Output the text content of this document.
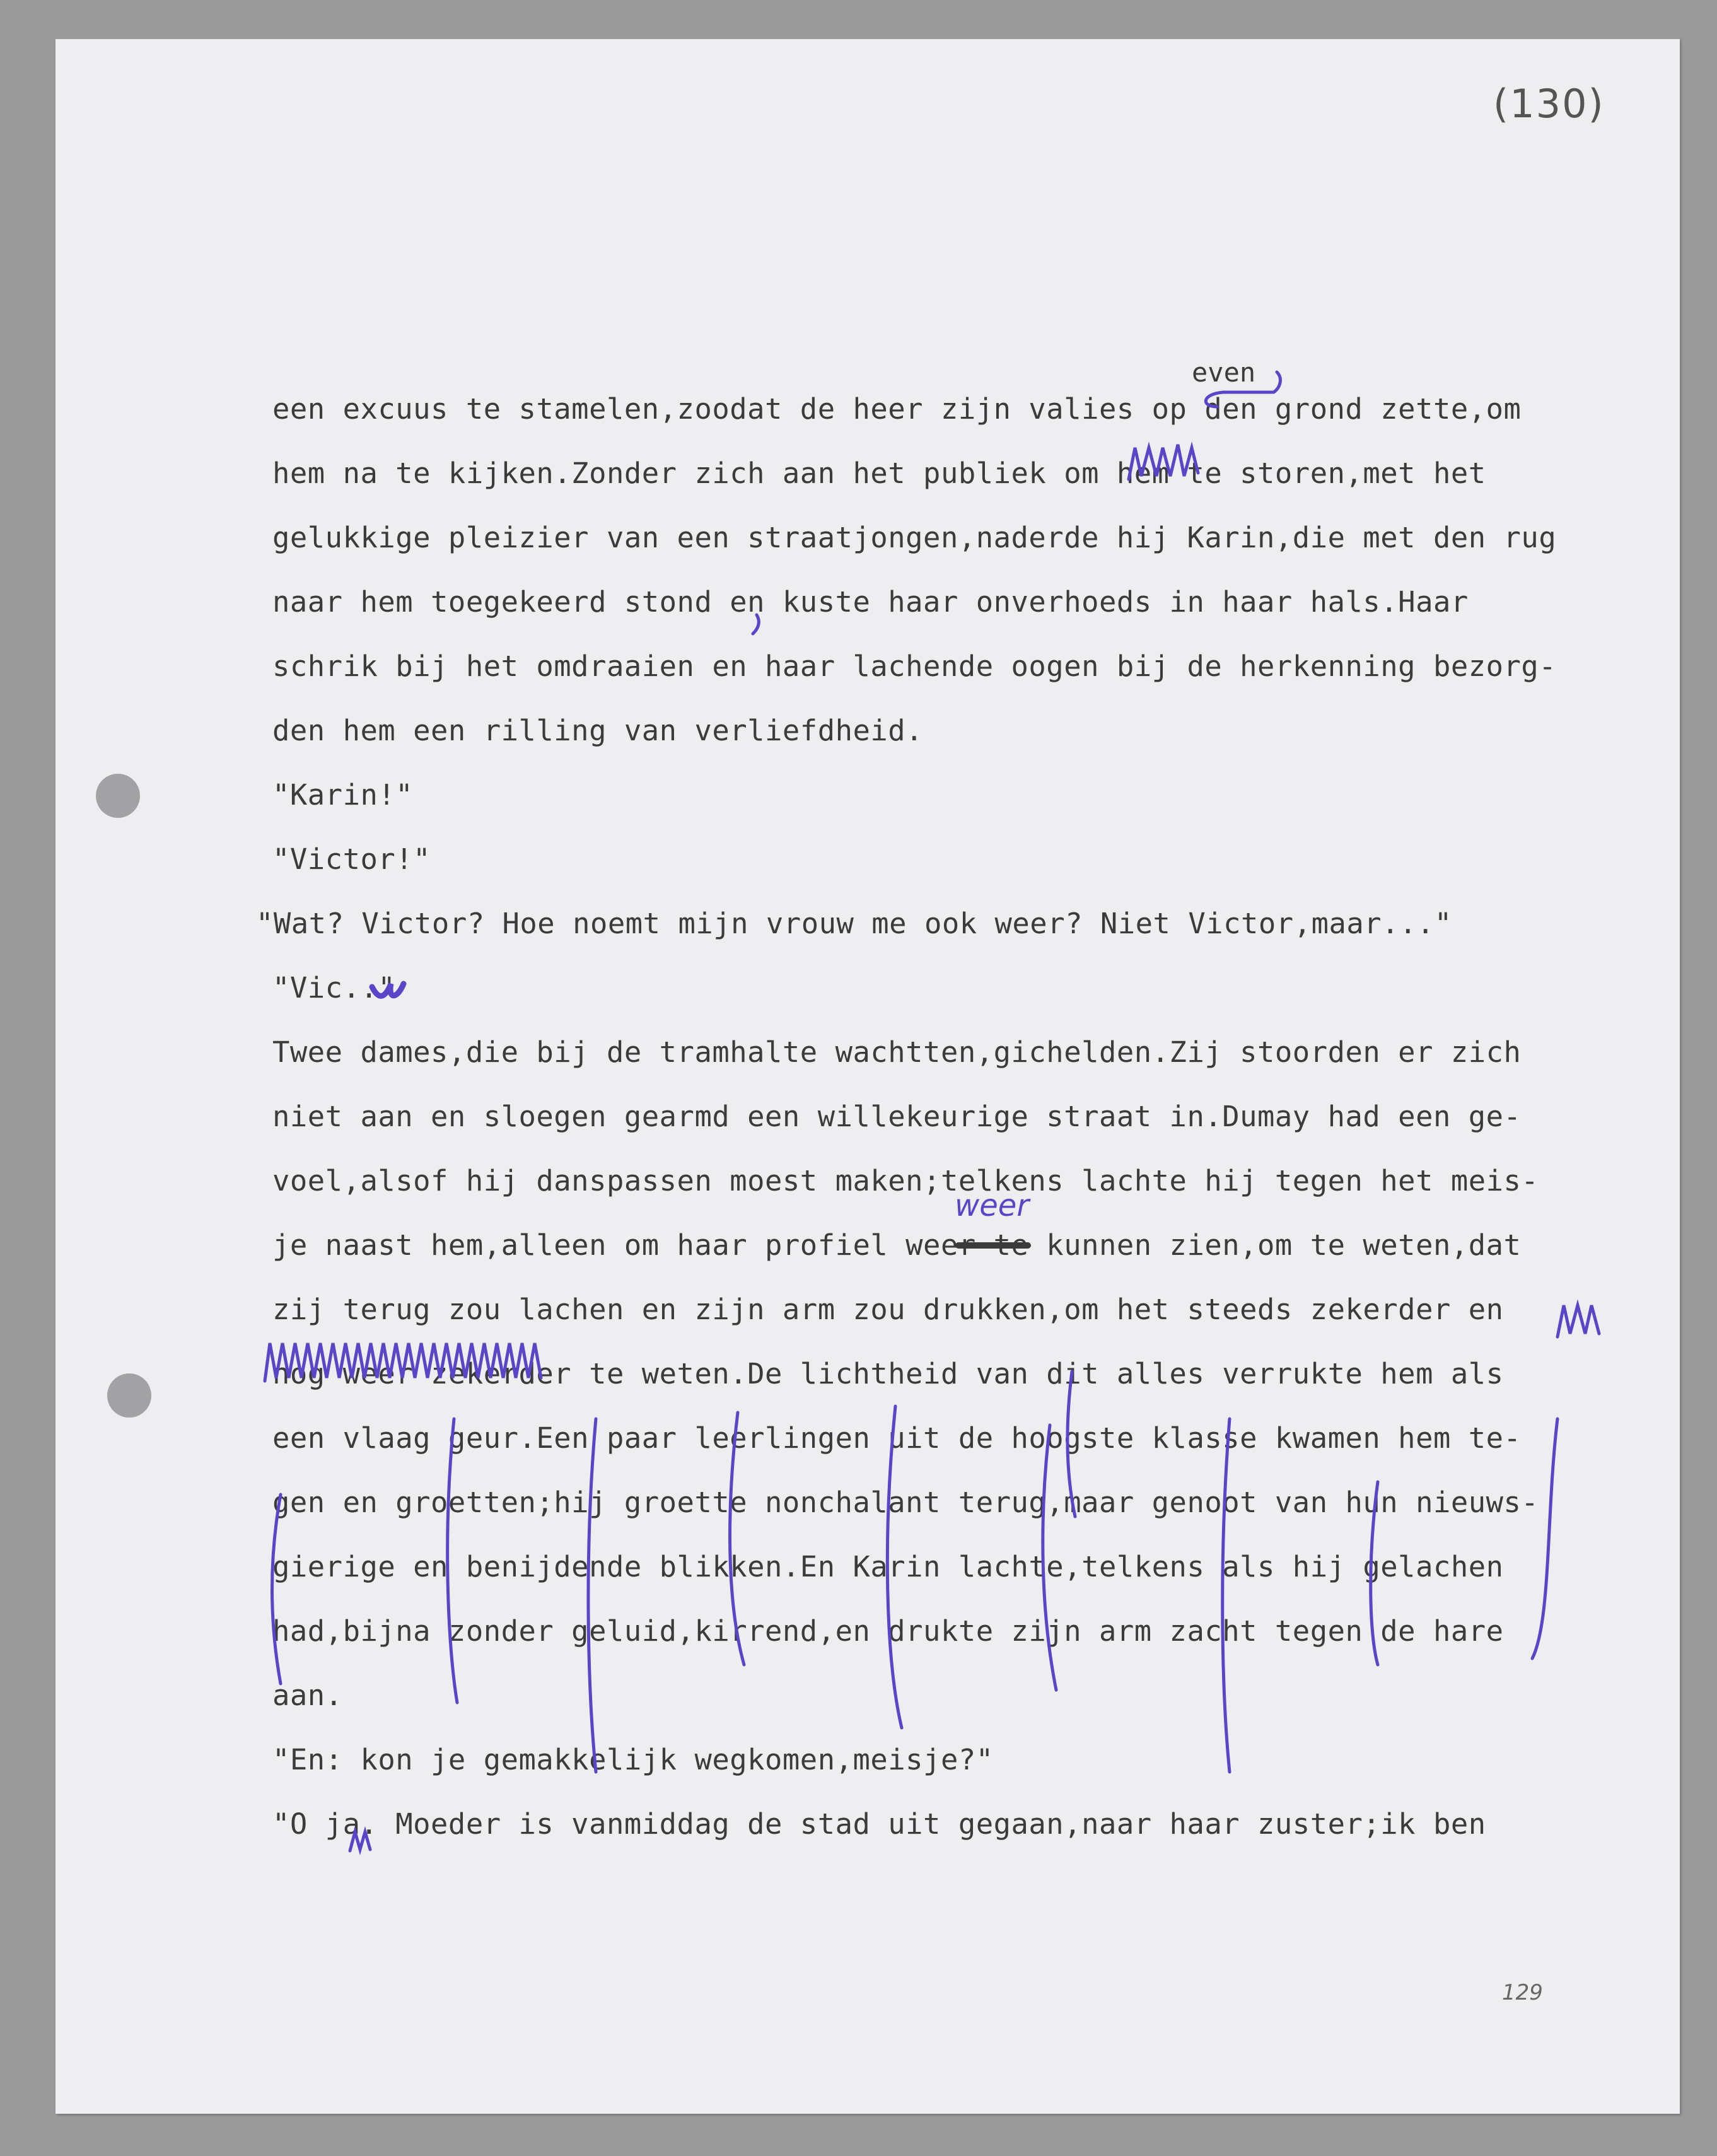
(130)
129

een excuus te stamelen,zoodat de heer zijn valies op den grond zette,om

hem na te kijken.Zonder zich aan het publiek om hem te storen,met het

gelukkige pleizier van een straatjongen,naderde hij Karin,die met den rug

naar hem toegekeerd stond en kuste haar onverhoeds in haar hals.Haar

schrik bij het omdraaien en haar lachende oogen bij de herkenning bezorg-

den hem een rilling van verliefdheid.

"Karin!"

"Victor!"

"Wat? Victor? Hoe noemt mijn vrouw me ook weer? Niet Victor,maar..."

"Vic.."

Twee dames,die bij de tramhalte wachtten,gichelden.Zij stoorden er zich

niet aan en sloegen gearmd een willekeurige straat in.Dumay had een ge-

voel,alsof hij danspassen moest maken;telkens lachte hij tegen het meis-

je naast hem,alleen om haar profiel weer te kunnen zien,om te weten,dat

zij terug zou lachen en zijn arm zou drukken,om het steeds zekerder en

nog weer zekerder te weten.De lichtheid van dit alles verrukte hem als

een vlaag geur.Een paar leerlingen uit de hoogste klasse kwamen hem te-

gen en groetten;hij groette nonchalant terug,maar genoot van hun nieuws-

gierige en benijdende blikken.En Karin lachte,telkens als hij gelachen

had,bijna zonder geluid,kirrend,en drukte zijn arm zacht tegen de hare

aan.

"En: kon je gemakkelijk wegkomen,meisje?"

"O ja. Moeder is vanmiddag de stad uit gegaan,naar haar zuster;ik ben

even
weer
